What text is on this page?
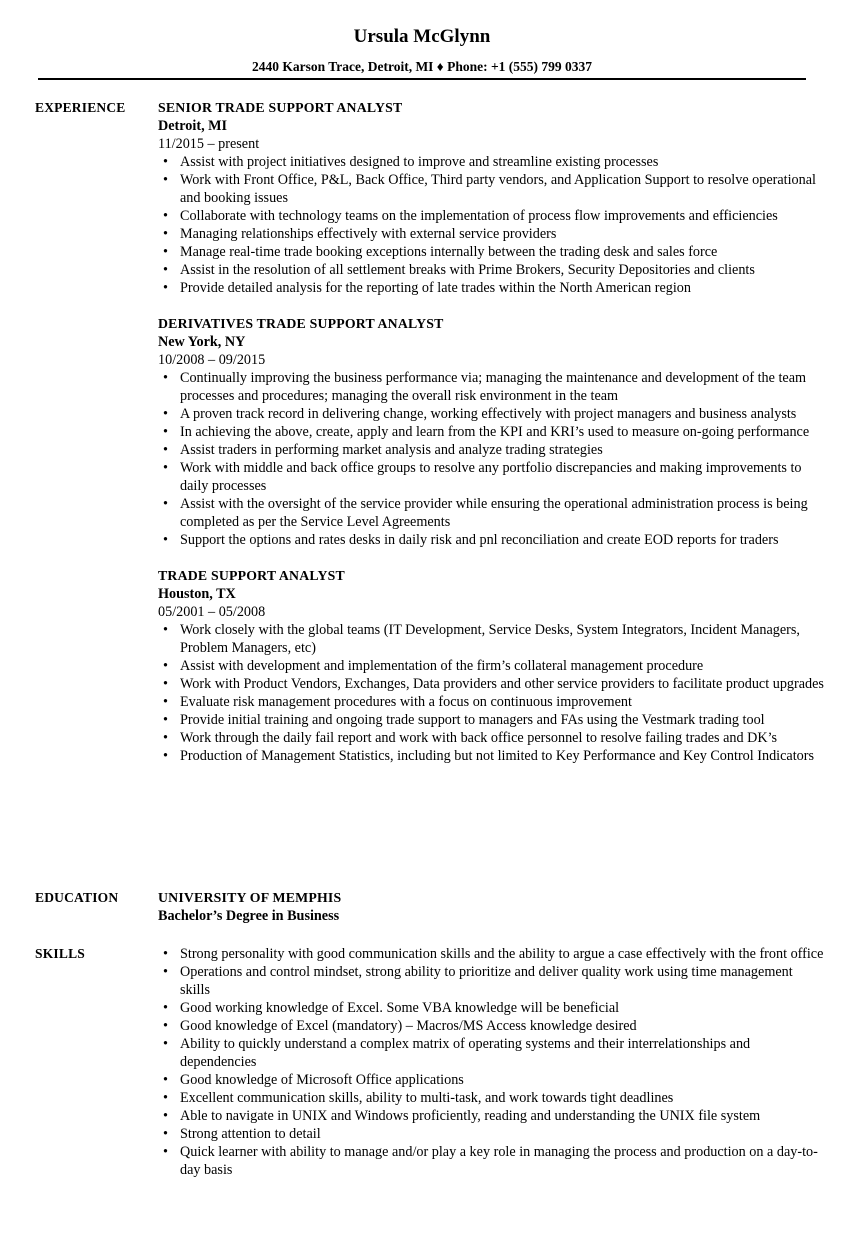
Ursula McGlynn
2440 Karson Trace, Detroit, MI ♦ Phone: +1 (555) 799 0337
EXPERIENCE	SENIOR TRADE SUPPORT ANALYST
Detroit, MI
11/2015 – present
• Assist with project initiatives designed to improve and streamline existing processes
• Work with Front Office, P&L, Back Office, Third party vendors, and Application Support to resolve operational and booking issues
• Collaborate with technology teams on the implementation of process flow improvements and efficiencies
• Managing relationships effectively with external service providers
• Manage real-time trade booking exceptions internally between the trading desk and sales force
• Assist in the resolution of all settlement breaks with Prime Brokers, Security Depositories and clients
• Provide detailed analysis for the reporting of late trades within the North American region
DERIVATIVES TRADE SUPPORT ANALYST
New York, NY
10/2008 – 09/2015
• Continually improving the business performance via; managing the maintenance and development of the team processes and procedures; managing the overall risk environment in the team
• A proven track record in delivering change, working effectively with project managers and business analysts
• In achieving the above, create, apply and learn from the KPI and KRI’s used to measure on-going performance
• Assist traders in performing market analysis and analyze trading strategies
• Work with middle and back office groups to resolve any portfolio discrepancies and making improvements to daily processes
• Assist with the oversight of the service provider while ensuring the operational administration process is being completed as per the Service Level Agreements
• Support the options and rates desks in daily risk and pnl reconciliation and create EOD reports for traders
TRADE SUPPORT ANALYST
Houston, TX
05/2001 – 05/2008
• Work closely with the global teams (IT Development, Service Desks, System Integrators, Incident Managers, Problem Managers, etc)
• Assist with development and implementation of the firm’s collateral management procedure
• Work with Product Vendors, Exchanges, Data providers and other service providers to facilitate product upgrades
• Evaluate risk management procedures with a focus on continuous improvement
• Provide initial training and ongoing trade support to managers and FAs using the Vestmark trading tool
• Work through the daily fail report and work with back office personnel to resolve failing trades and DK’s
• Production of Management Statistics, including but not limited to Key Performance and Key Control Indicators
EDUCATION	UNIVERSITY OF MEMPHIS
Bachelor’s Degree in Business
SKILLS
•	Strong personality with good communication skills and the ability to argue a case effectively with the front office
• Operations and control mindset, strong ability to prioritize and deliver quality work using time management skills
• Good working knowledge of Excel. Some VBA knowledge will be beneficial
• Good knowledge of Excel (mandatory) – Macros/MS Access knowledge desired
• Ability to quickly understand a complex matrix of operating systems and their interrelationships and dependencies
• Good knowledge of Microsoft Office applications
• Excellent communication skills, ability to multi-task, and work towards tight deadlines
• Able to navigate in UNIX and Windows proficiently, reading and understanding the UNIX file system
• Strong attention to detail
• Quick learner with ability to manage and/or play a key role in managing the process and production on a day-to-day basis
